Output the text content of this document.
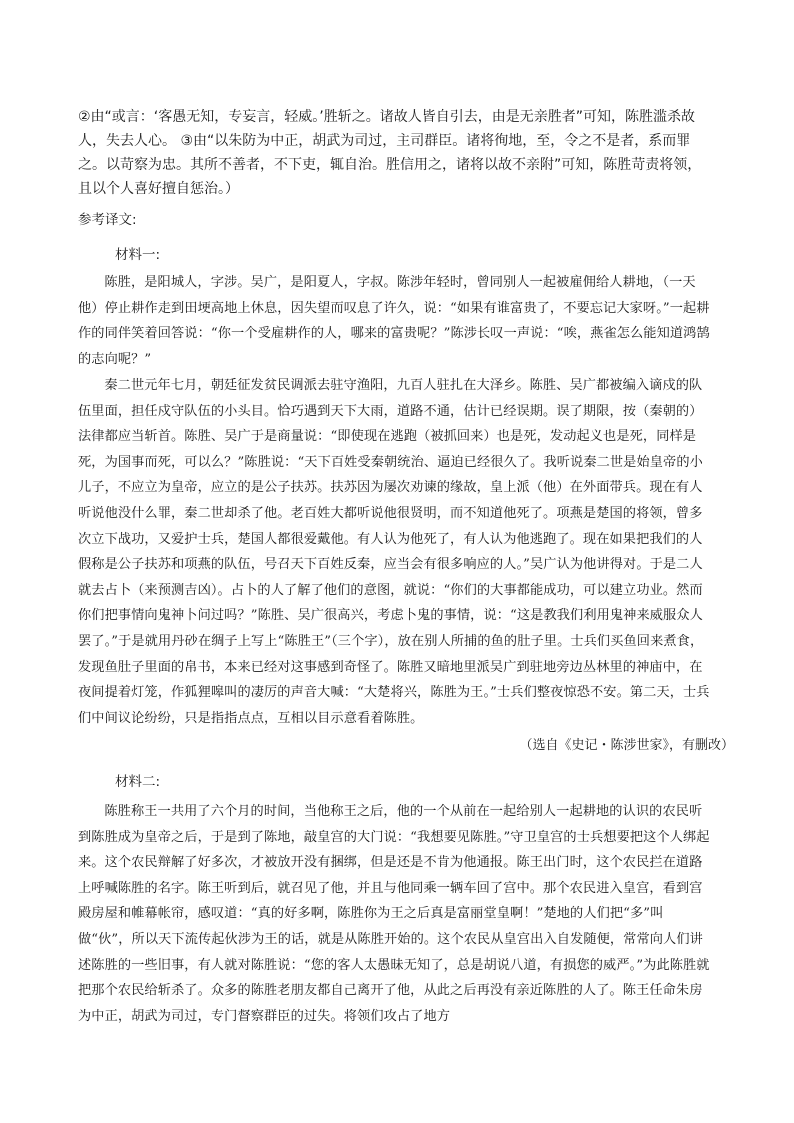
②由“或言：‘客愚无知，专妄言，轻威。’胜斩之。诸故人皆自引去，由是无亲胜者”可知，陈胜滥杀故人，失去人心。 ③由“以朱防为中正，胡武为司过，主司群臣。诸将徇地，至，令之不是者，系而罪之。以苛察为忠。其所不善者，不下吏，辄自治。胜信用之，诸将以故不亲附”可知，陈胜苛责将领，且以个人喜好擅自惩治。）

参考译文:
材料一:

陈胜，是阳城人，字涉。吴广，是阳夏人，字叔。陈涉年轻时，曾同别人一起被雇佣给人耕地，（一天他）停止耕作走到田埂高地上休息，因失望而叹息了许久，说：“如果有谁富贵了，不要忘记大家呀。”一起耕作的同伴笑着回答说：“你一个受雇耕作的人，哪来的富贵呢？”陈涉长叹一声说：“唉，燕雀怎么能知道鸿鹄的志向呢？”

秦二世元年七月，朝廷征发贫民调派去驻守渔阳，九百人驻扎在大泽乡。陈胜、吴广都被编入谪戍的队伍里面，担任戍守队伍的小头目。恰巧遇到天下大雨，道路不通，估计已经误期。误了期限，按（秦朝的）法律都应当斩首。陈胜、吴广于是商量说：“即使现在逃跑（被抓回来）也是死，发动起义也是死，同样是死，为国事而死，可以么？”陈胜说：“天下百姓受秦朝统治、逼迫已经很久了。我听说秦二世是始皇帝的小儿子，不应立为皇帝，应立的是公子扶苏。扶苏因为屡次劝谏的缘故，皇上派（他）在外面带兵。现在有人听说他没什么罪，秦二世却杀了他。老百姓大都听说他很贤明，而不知道他死了。项燕是楚国的将领，曾多次立下战功，又爱护士兵，楚国人都很爱戴他。有人认为他死了，有人认为他逃跑了。现在如果把我们的人假称是公子扶苏和项燕的队伍，号召天下百姓反秦，应当会有很多响应的人。”吴广认为他讲得对。于是二人就去占卜（来预测吉凶）。占卜的人了解了他们的意图，就说：“你们的大事都能成功，可以建立功业。然而你们把事情向鬼神卜问过吗？”陈胜、吴广很高兴，考虑卜鬼的事情，说：“这是教我们利用鬼神来威服众人罢了。”于是就用丹砂在绸子上写上“陈胜王”（三个字），放在别人所捕的鱼的肚子里。士兵们买鱼回来煮食，发现鱼肚子里面的帛书，本来已经对这事感到奇怪了。陈胜又暗地里派吴广到驻地旁边丛林里的神庙中，在夜间提着灯笼，作狐狸嗥叫的凄厉的声音大喊：“大楚将兴，陈胜为王。”士兵们整夜惊恐不安。第二天，士兵们中间议论纷纷，只是指指点点，互相以目示意看着陈胜。

（选自《史记・陈涉世家》，有删改）
材料二:

陈胜称王一共用了六个月的时间，当他称王之后，他的一个从前在一起给别人一起耕地的认识的农民听到陈胜成为皇帝之后，于是到了陈地，敲皇宫的大门说：“我想要见陈胜。”守卫皇宫的士兵想要把这个人绑起来。这个农民辩解了好多次，才被放开没有捆绑，但是还是不肯为他通报。陈王出门时，这个农民拦在道路上呼喊陈胜的名字。陈王听到后，就召见了他，并且与他同乘一辆车回了宫中。那个农民进入皇宫，看到宫殿房屋和帷幕帐帘，感叹道：“真的好多啊，陈胜你为王之后真是富丽堂皇啊！”楚地的人们把“多”叫做“伙”，所以天下流传起伙涉为王的话，就是从陈胜开始的。这个农民从皇宫出入自发随便，常常向人们讲述陈胜的一些旧事，有人就对陈胜说：“您的客人太愚昧无知了，总是胡说八道，有损您的威严。”为此陈胜就把那个农民给斩杀了。众多的陈胜老朋友都自己离开了他，从此之后再没有亲近陈胜的人了。陈王任命朱房为中正，胡武为司过，专门督察群臣的过失。将领们攻占了地方
